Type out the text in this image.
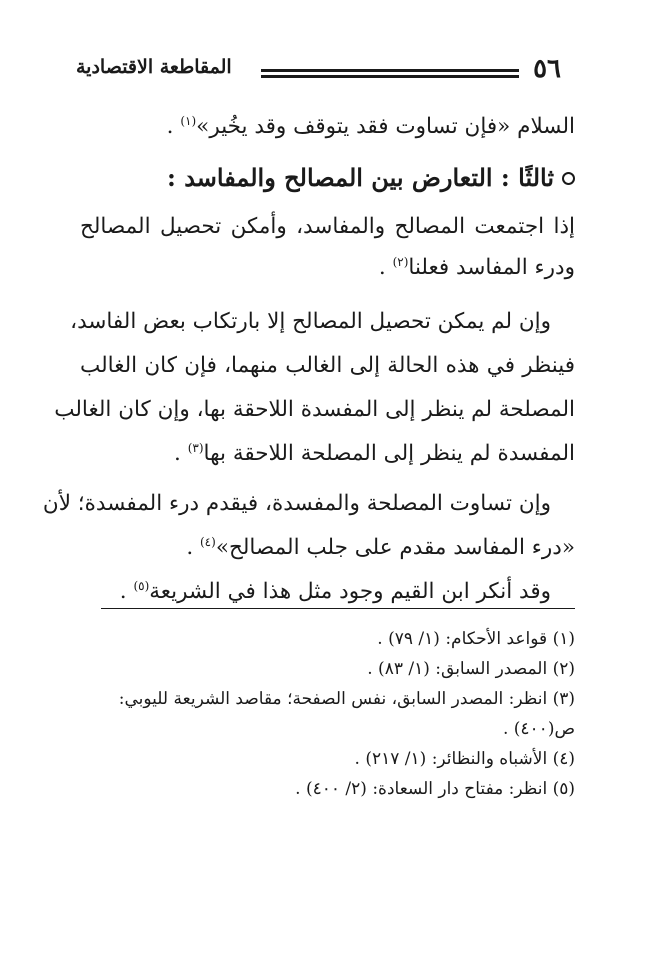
٥٦
المقاطعة الاقتصادية
السلام «فإن تساوت فقد يتوقف وقد يخُير»$^{(١)}$ .
ثالثًا : التعارض بين المصالح والمفاسد :
إذا اجتمعت المصالح والمفاسد، وأمكن تحصيل المصالح
ودرء المفاسد فعلنا$^{(٢)}$ .
وإن لم يمكن تحصيل المصالح إلا بارتكاب بعض الفاسد،
فينظر في هذه الحالة إلى الغالب منهما، فإن كان الغالب
المصلحة لم ينظر إلى المفسدة اللاحقة بها، وإن كان الغالب
المفسدة لم ينظر إلى المصلحة اللاحقة بها$^{(٣)}$ .
وإن تساوت المصلحة والمفسدة، فيقدم درء المفسدة؛ لأن
«درء المفاسد مقدم على جلب المصالح»$^{(٤)}$ .
وقد أنكر ابن القيم وجود مثل هذا في الشريعة$^{(٥)}$ .
(١) قواعد الأحكام: (١/ ٧٩) .
(٢) المصدر السابق: (١/ ٨٣) .
(٣) انظر: المصدر السابق، نفس الصفحة؛ مقاصد الشريعة لليوبي:
ص(٤٠٠) .
(٤) الأشباه والنظائر: (١/ ٢١٧) .
(٥) انظر: مفتاح دار السعادة: (٢/ ٤٠٠) .
